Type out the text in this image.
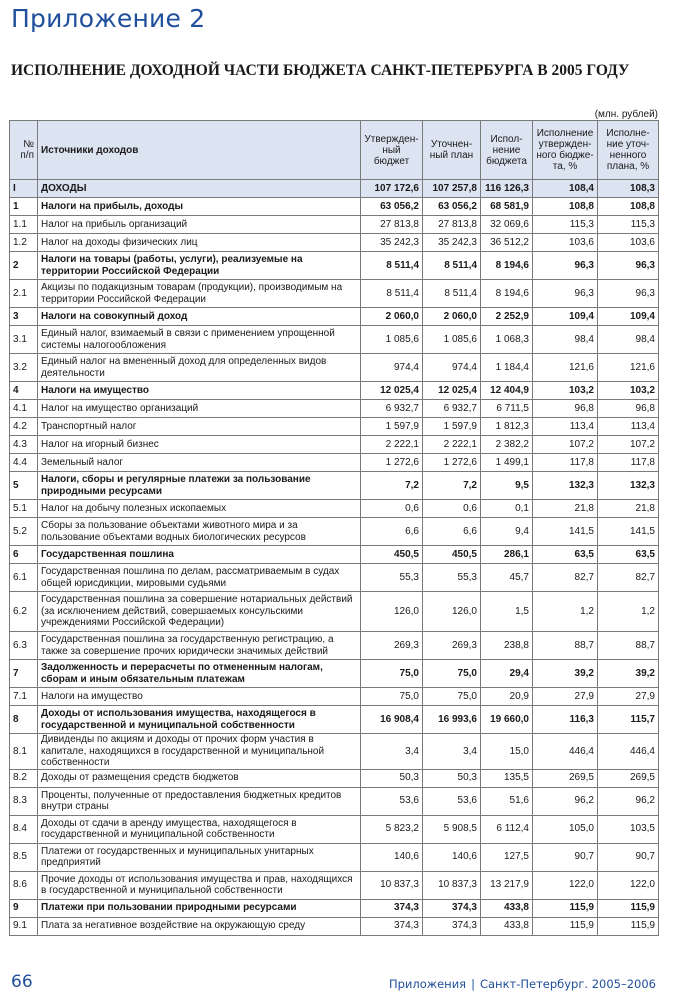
Приложение 2
ИСПОЛНЕНИЕ ДОХОДНОЙ ЧАСТИ БЮДЖЕТА САНКТ-ПЕТЕРБУРГА В 2005 ГОДУ
(млн. рублей)
№ п/п	Источники доходов	Утвержден-ный бюджет	Уточнен-ный план	Испол-нение бюджета	Исполнение утвержден-ного бюдже-та, %	Исполне-ние уточ-ненного плана, %
I	ДОХОДЫ	107 172,6	107 257,8	116 126,3	108,4	108,3
1	Налоги на прибыль, доходы	63 056,2	63 056,2	68 581,9	108,8	108,8
1.1	Налог на прибыль организаций	27 813,8	27 813,8	32 069,6	115,3	115,3
1.2	Налог на доходы физических лиц	35 242,3	35 242,3	36 512,2	103,6	103,6
2	Налоги на товары (работы, услуги), реализуемые на территории Российской Федерации	8 511,4	8 511,4	8 194,6	96,3	96,3
2.1	Акцизы по подакцизным товарам (продукции), производимым на территории Российской Федерации	8 511,4	8 511,4	8 194,6	96,3	96,3
3	Налоги на совокупный доход	2 060,0	2 060,0	2 252,9	109,4	109,4
3.1	Единый налог, взимаемый в связи с применением упрощенной системы налогообложения	1 085,6	1 085,6	1 068,3	98,4	98,4
3.2	Единый налог на вмененный доход для определенных видов деятельности	974,4	974,4	1 184,4	121,6	121,6
4	Налоги на имущество	12 025,4	12 025,4	12 404,9	103,2	103,2
4.1	Налог на имущество организаций	6 932,7	6 932,7	6 711,5	96,8	96,8
4.2	Транспортный налог	1 597,9	1 597,9	1 812,3	113,4	113,4
4.3	Налог на игорный бизнес	2 222,1	2 222,1	2 382,2	107,2	107,2
4.4	Земельный налог	1 272,6	1 272,6	1 499,1	117,8	117,8
5	Налоги, сборы и регулярные платежи за пользование природными ресурсами	7,2	7,2	9,5	132,3	132,3
5.1	Налог на добычу полезных ископаемых	0,6	0,6	0,1	21,8	21,8
5.2	Сборы за пользование объектами животного мира и за пользование объектами водных биологических ресурсов	6,6	6,6	9,4	141,5	141,5
6	Государственная пошлина	450,5	450,5	286,1	63,5	63,5
6.1	Государственная пошлина по делам, рассматриваемым в судах общей юрисдикции, мировыми судьями	55,3	55,3	45,7	82,7	82,7
6.2	Государственная пошлина за совершение нотариальных действий (за исключением действий, совершаемых консульскими учреждениями Российской Федерации)	126,0	126,0	1,5	1,2	1,2
6.3	Государственная пошлина за государственную регистрацию, а также за совершение прочих юридически значимых действий	269,3	269,3	238,8	88,7	88,7
7	Задолженность и перерасчеты по отмененным налогам, сборам и иным обязательным платежам	75,0	75,0	29,4	39,2	39,2
7.1	Налоги на имущество	75,0	75,0	20,9	27,9	27,9
8	Доходы от использования имущества, находящегося в государственной и муниципальной собственности	16 908,4	16 993,6	19 660,0	116,3	115,7
8.1	Дивиденды по акциям и доходы от прочих форм участия в капитале, находящихся в государственной и муниципальной собственности	3,4	3,4	15,0	446,4	446,4
8.2	Доходы от размещения средств бюджетов	50,3	50,3	135,5	269,5	269,5
8.3	Проценты, полученные от предоставления бюджетных кредитов внутри страны	53,6	53,6	51,6	96,2	96,2
8.4	Доходы от сдачи в аренду имущества, находящегося в государственной и муниципальной собственности	5 823,2	5 908,5	6 112,4	105,0	103,5
8.5	Платежи от государственных и муниципальных унитарных предприятий	140,6	140,6	127,5	90,7	90,7
8.6	Прочие доходы от использования имущества и прав, находящихся в государственной и муниципальной собственности	10 837,3	10 837,3	13 217,9	122,0	122,0
9	Платежи при пользовании природными ресурсами	374,3	374,3	433,8	115,9	115,9
9.1	Плата за негативное воздействие на окружающую среду	374,3	374,3	433,8	115,9	115,9
66	Приложения | Санкт-Петербург. 2005–2006
